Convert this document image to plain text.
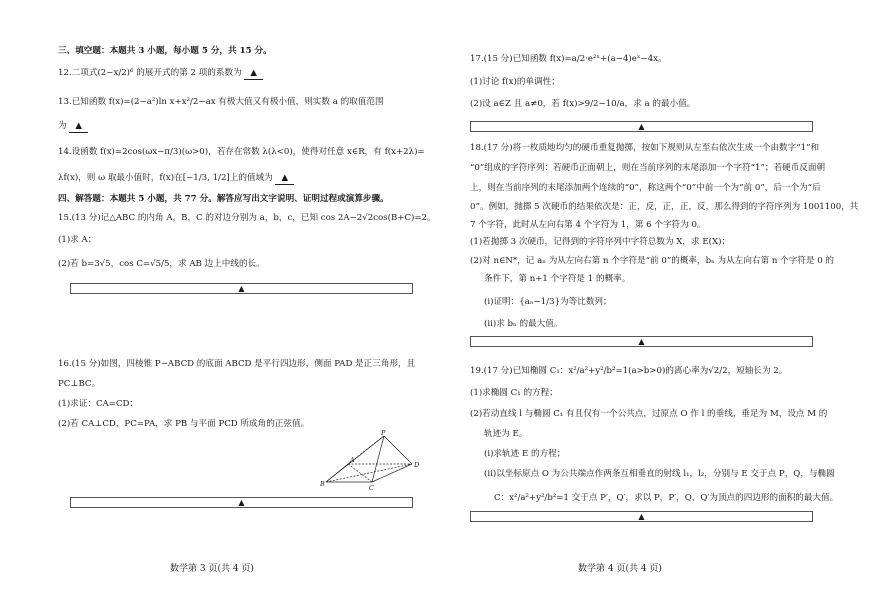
三、填空题：本题共 3 小题，每小题 5 分，共 15 分。
12.二项式(2−x/2)⁶ 的展开式的第 2 项的系数为 ▲
13.已知函数 f(x)=(2−a²)ln x+x²/2−ax 有极大值又有极小值，则实数 a 的取值范围
为 ▲
14.设函数 f(x)=2cos(ωx−π/3)(ω>0)，若存在常数 λ(λ<0)，使得对任意 x∈R，有 f(x+2λ)=
λf(x)，则 ω 取最小值时，f(x)在[−1/3, 1/2]上的值域为 ▲
四、解答题：本题共 5 小题，共 77 分。解答应写出文字说明、证明过程或演算步骤。
15.(13 分)记△ABC 的内角 A，B，C 的对边分别为 a，b，c，已知 cos 2A−2√2cos(B+C)=2。
(1)求 A；
(2)若 b=3√5，cos C=√5/5，求 AB 边上中线的长。
▲
16.(15 分)如图，四棱锥 P−ABCD 的底面 ABCD 是平行四边形，侧面 PAD 是正三角形，且
PC⊥BC。
(1)求证：CA=CD；
(2)若 CA⊥CD，PC=PA，求 PB 与平面 PCD 所成角的正弦值。
P
A
B	C
D
▲
数学第 3 页(共 4 页)
17.(15 分)已知函数 f(x)=a/2·e²ˣ+(a−4)eˣ−4x。
(1)讨论 f(x)的单调性；
(2)设 a∈Z 且 a≠0，若 f(x)>9/2−10/a，求 a 的最小值。
▲
18.(17 分)将一枚质地均匀的硬币重复抛掷，按如下规则从左至右依次生成一个由数字“1”和
“0”组成的字符序列：若硬币正面朝上，则在当前序列的末尾添加一个字符“1”；若硬币反面朝
上，则在当前序列的末尾添加两个连续的“0”，称这两个“0”中前一个为“前 0”，后一个为“后
0”。例如，抛掷 5 次硬币的结果依次是：正，反，正，正，反，那么得到的字符序列为 1001100，共
7 个字符，此时从左向右第 4 个字符为 1，第 6 个字符为 0。
(1)若抛掷 3 次硬币，记得到的字符序列中字符总数为 X，求 E(X)；
(2)对 n∈N*，记 aₙ 为从左向右第 n 个字符是“前 0”的概率，bₙ 为从左向右第 n 个字符是 0 的
条件下，第 n+1 个字符是 1 的概率。
(i)证明：{aₙ−1/3}为等比数列；
(ii)求 bₙ 的最大值。
▲
19.(17 分)已知椭圆 C₁：x²/a²+y²/b²=1(a>b>0)的离心率为√2/2，短轴长为 2。
(1)求椭圆 C₁ 的方程；
(2)若动直线 l 与椭圆 C₁ 有且仅有一个公共点，过原点 O 作 l 的垂线，垂足为 M，设点 M 的
轨迹为 E。
(i)求轨迹 E 的方程；
(ii)以坐标原点 O 为公共端点作两条互相垂直的射线 l₁，l₂，分别与 E 交于点 P，Q，与椭圆
C：x²/a²+y²/b²=1 交于点 P′，Q′，求以 P，P′，Q，Q′为顶点的四边形的面积的最大值。
▲
数学第 4 页(共 4 页)
